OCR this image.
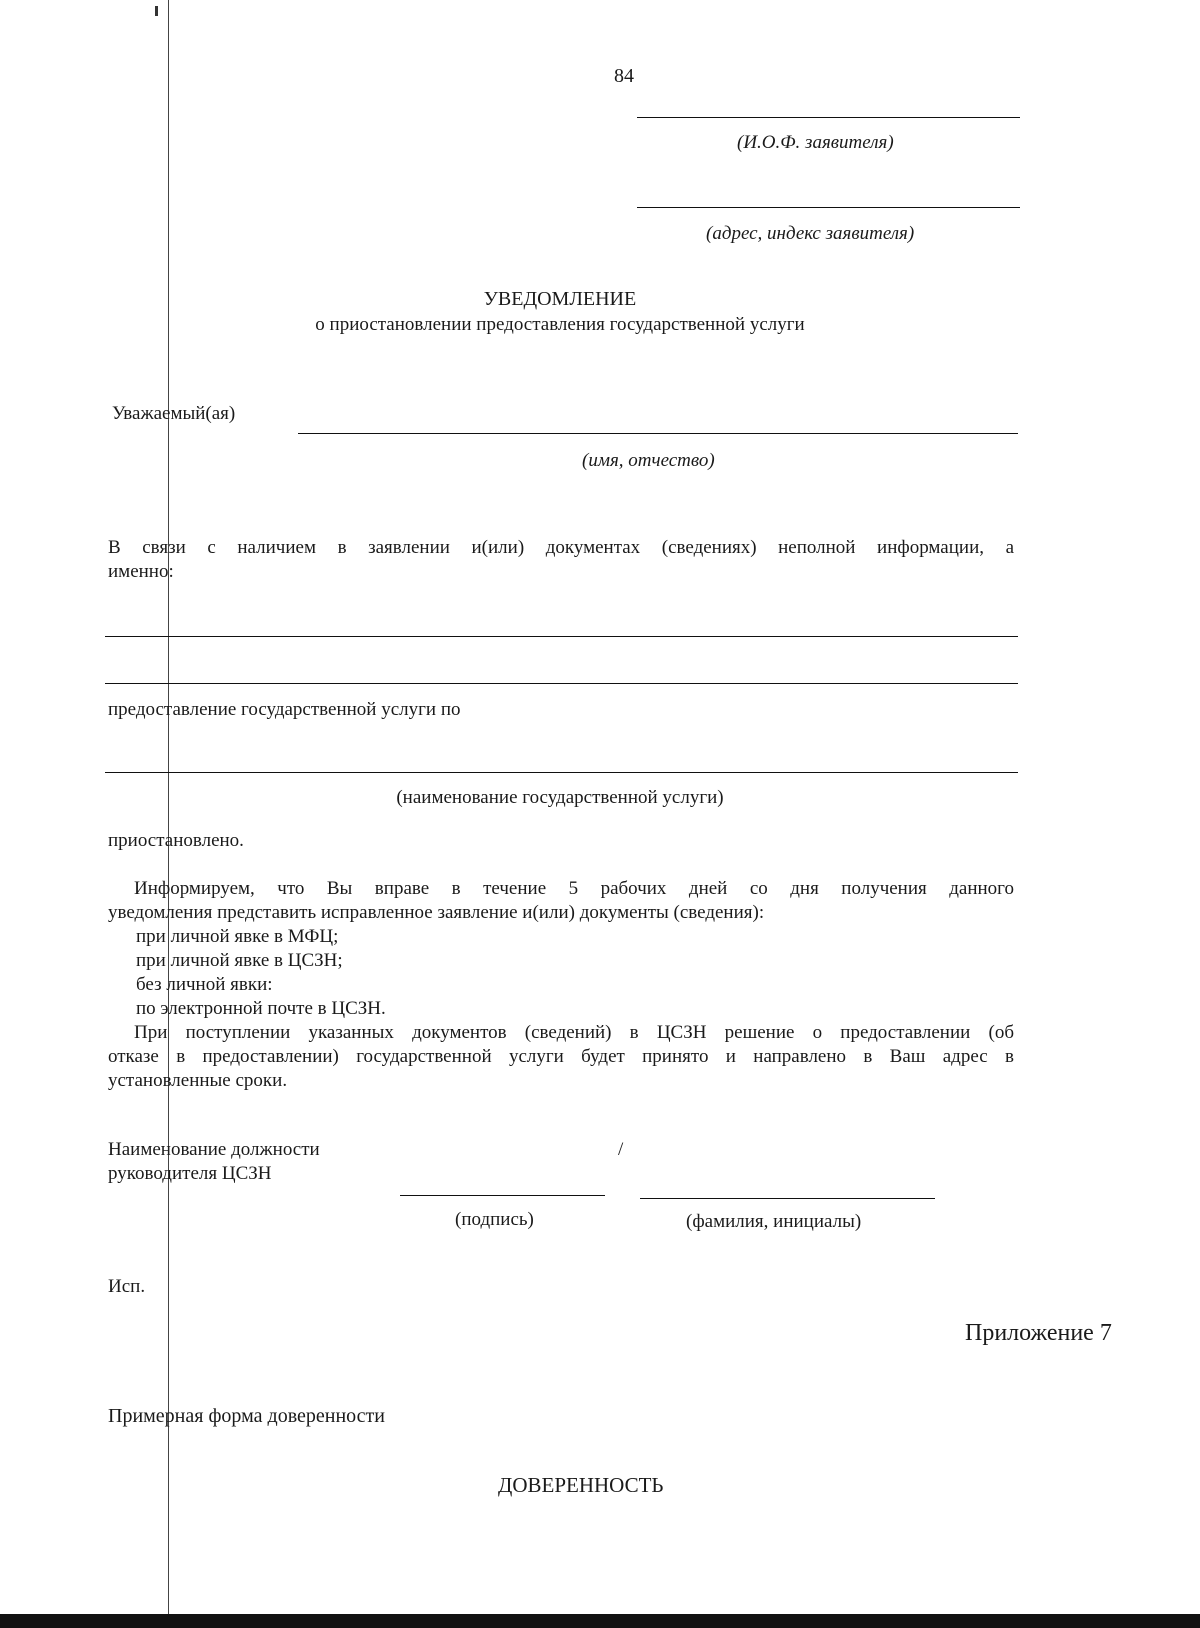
84
(И.О.Ф. заявителя)
(адрес, индекс заявителя)
УВЕДОМЛЕНИЕ
о приостановлении предоставления государственной услуги
Уважаемый(ая)
(имя, отчество)
В связи с наличием в заявлении и(или) документах (сведениях) неполной информации, а
именно:
предоставление государственной услуги по
(наименование государственной услуги)
приостановлено.
Информируем, что Вы вправе в течение 5 рабочих дней со дня получения данного
уведомления представить исправленное заявление и(или) документы (сведения):
при личной явке в МФЦ;
при личной явке в ЦСЗН;
без личной явки:
по электронной почте в ЦСЗН.
При поступлении указанных документов (сведений) в ЦСЗН решение о предоставлении (об
отказе в предоставлении) государственной услуги будет принято и направлено в Ваш адрес в
установленные сроки.
Наименование должности
руководителя ЦСЗН
/
(подпись)	(фамилия, инициалы)
Исп.
Приложение 7
Примерная форма доверенности
ДОВЕРЕННОСТЬ
